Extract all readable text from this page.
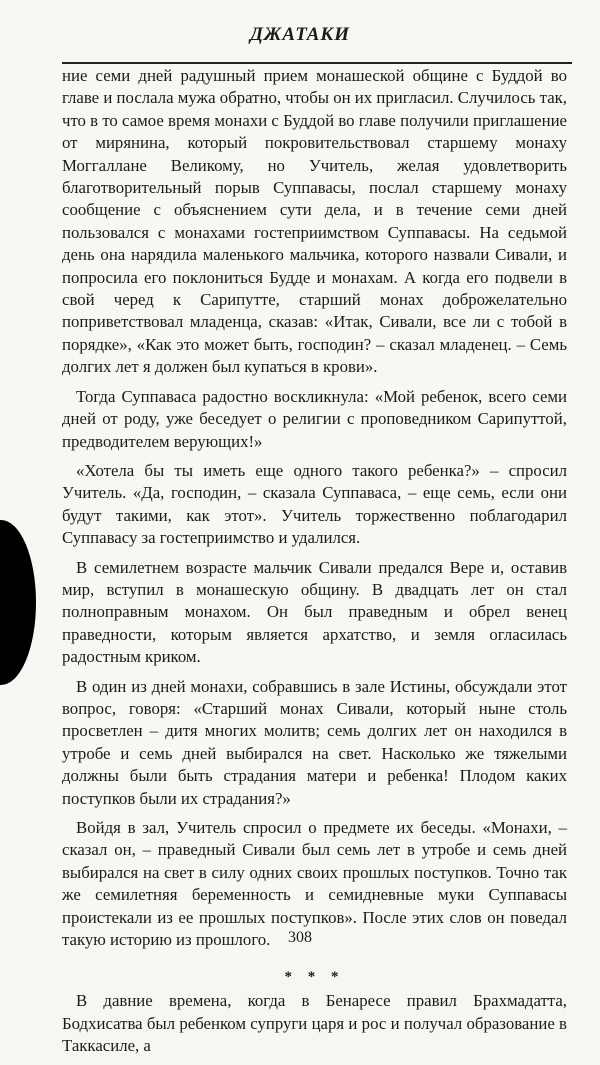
ДЖАТАКИ

ние семи дней радушный прием монашеской общине с Буддой во главе и послала мужа обратно, чтобы он их пригласил. Случилось так, что в то самое время монахи с Буддой во главе получили приглашение от мирянина, который покровительствовал старшему монаху Моггаллане Великому, но Учитель, желая удовлетворить благотворительный порыв Суппавасы, послал старшему монаху сообщение с объяснением сути дела, и в течение семи дней пользовался с монахами гостеприимством Суппавасы. На седьмой день она нарядила маленького мальчика, которого назвали Сивали, и попросила его поклониться Будде и монахам. А когда его подвели в свой черед к Сарипутте, старший монах доброжелательно поприветствовал младенца, сказав: «Итак, Сивали, все ли с тобой в порядке», «Как это может быть, господин? – сказал младенец. – Семь долгих лет я должен был купаться в крови».

Тогда Суппаваса радостно воскликнула: «Мой ребенок, всего семи дней от роду, уже беседует о религии с проповедником Сарипуттой, предводителем верующих!»

«Хотела бы ты иметь еще одного такого ребенка?» – спросил Учитель. «Да, господин, – сказала Суппаваса, – еще семь, если они будут такими, как этот». Учитель торжественно поблагодарил Суппавасу за гостеприимство и удалился.

В семилетнем возрасте мальчик Сивали предался Вере и, оставив мир, вступил в монашескую общину. В двадцать лет он стал полноправным монахом. Он был праведным и обрел венец праведности, которым является архатство, и земля огласилась радостным криком.

В один из дней монахи, собравшись в зале Истины, обсуждали этот вопрос, говоря: «Старший монах Сивали, который ныне столь просветлен – дитя многих молитв; семь долгих лет он находился в утробе и семь дней выбирался на свет. Насколько же тяжелыми должны были быть страдания матери и ребенка! Плодом каких поступков были их страдания?»

Войдя в зал, Учитель спросил о предмете их беседы. «Монахи, – сказал он, – праведный Сивали был семь лет в утробе и семь дней выбирался на свет в силу одних своих прошлых поступков. Точно так же семилетняя беременность и семидневные муки Суппавасы проистекали из ее прошлых поступков». После этих слов он поведал такую историю из прошлого.

* * *

В давние времена, когда в Бенаресе правил Брахмадатта, Бодхисатва был ребенком супруги царя и рос и получал образование в Таккасиле, а

308
